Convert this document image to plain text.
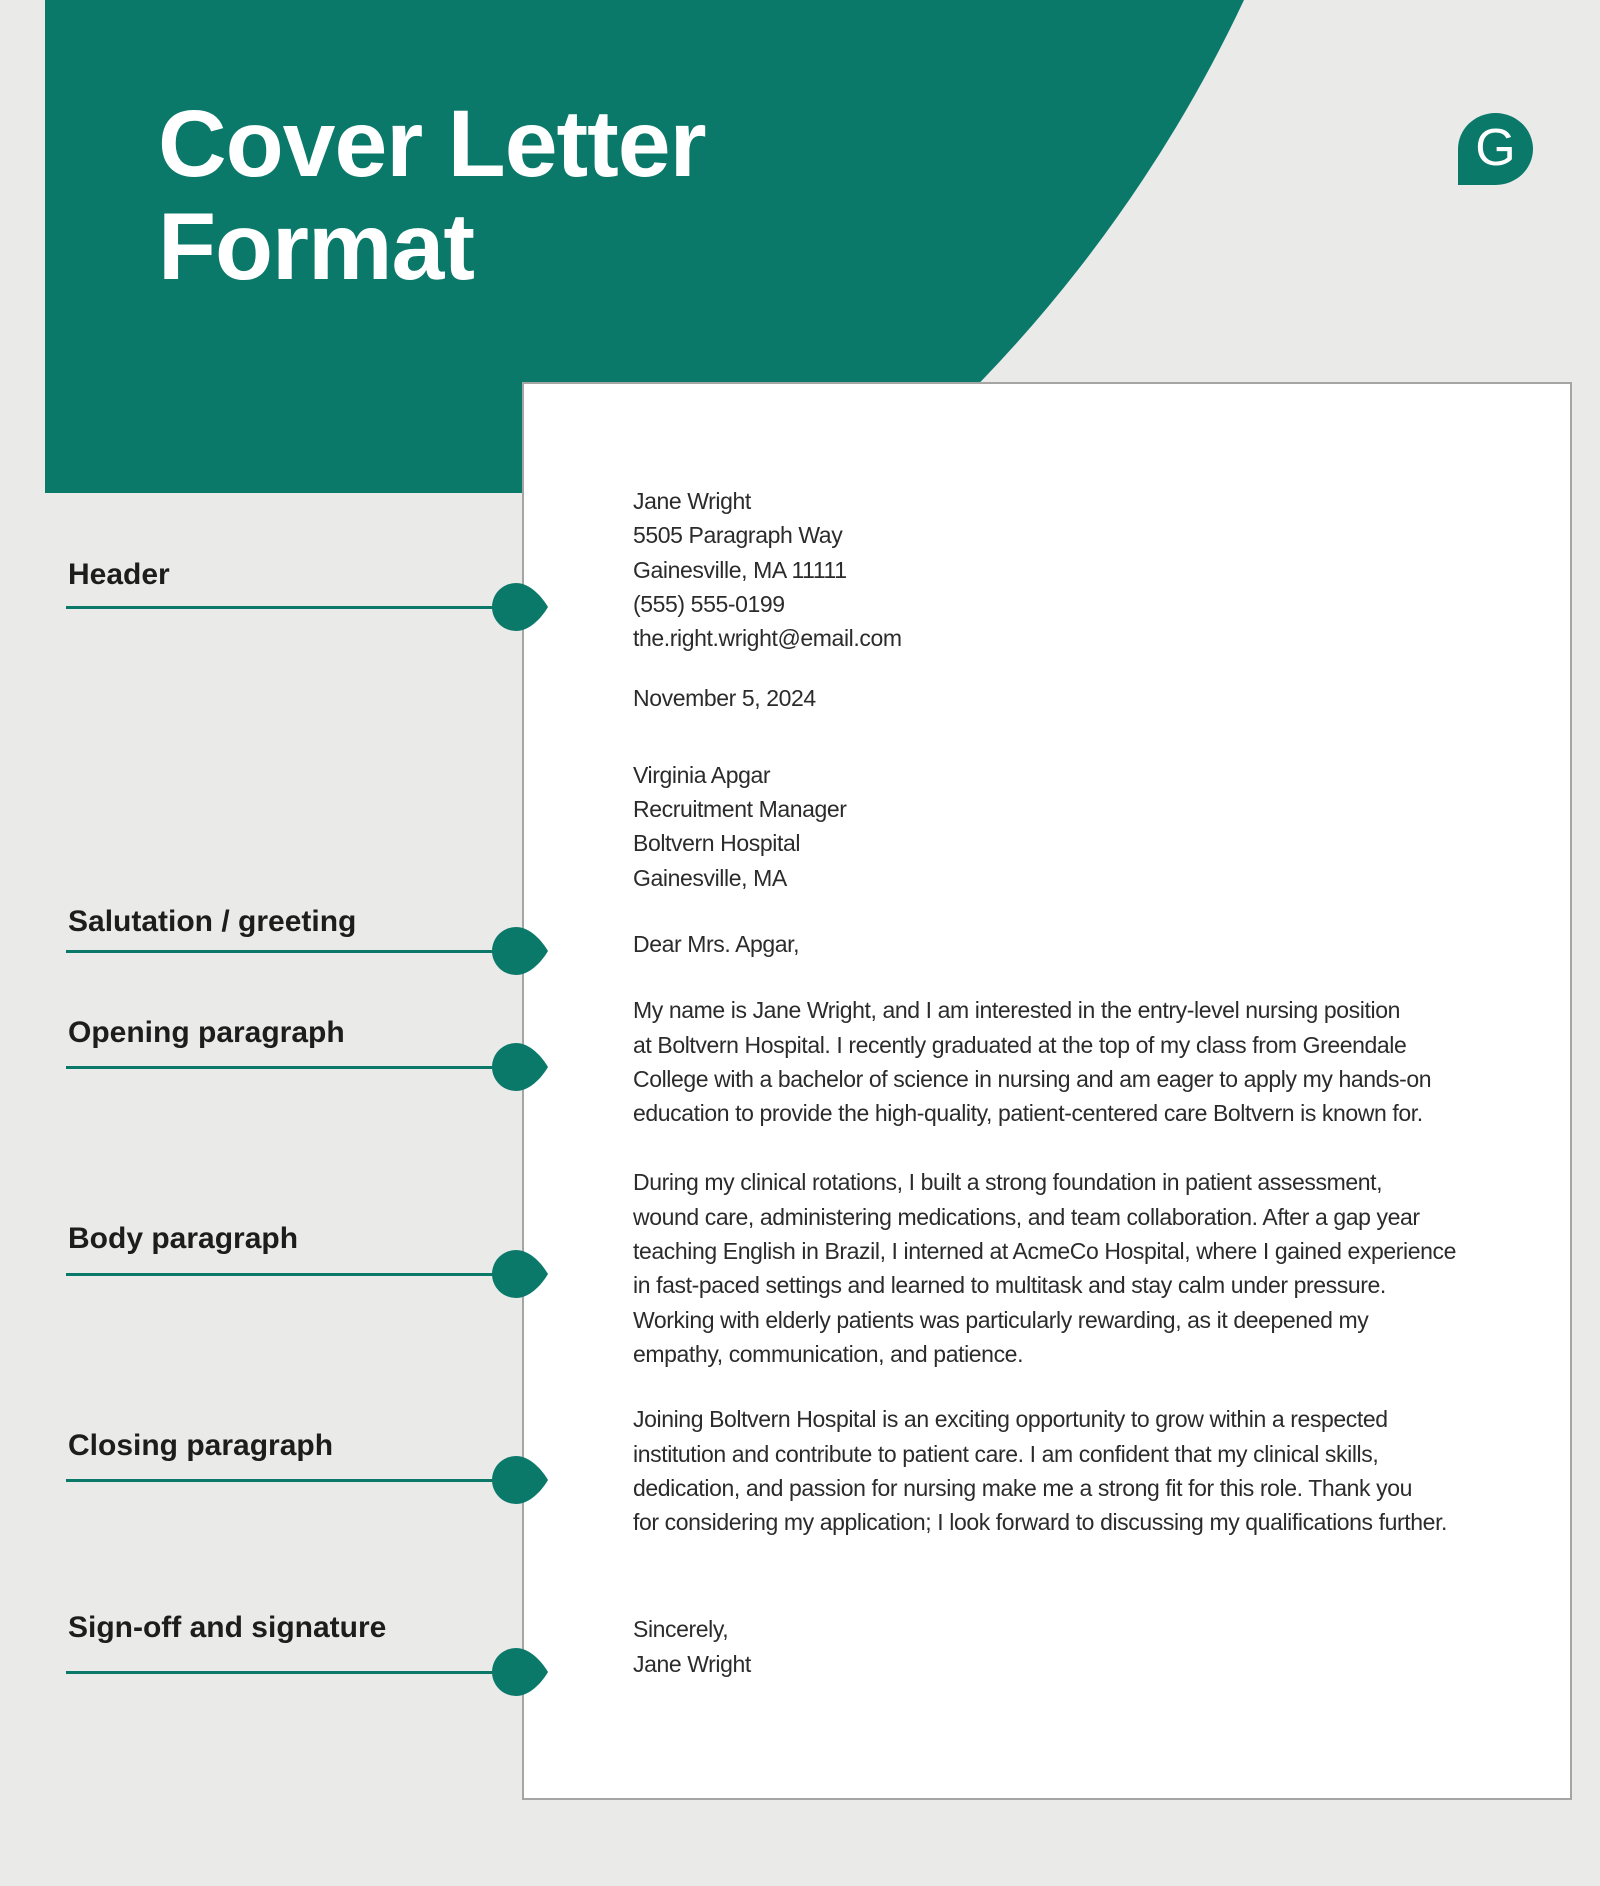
Cover Letter
Format
G
Jane Wright
5505 Paragraph Way
Gainesville, MA 11111
(555) 555-0199
the.right.wright@email.com
November 5, 2024
Virginia Apgar
Recruitment Manager
Boltvern Hospital
Gainesville, MA
Dear Mrs. Apgar,
My name is Jane Wright, and I am interested in the entry-level nursing position
at Boltvern Hospital. I recently graduated at the top of my class from Greendale
College with a bachelor of science in nursing and am eager to apply my hands-on
education to provide the high-quality, patient-centered care Boltvern is known for.
During my clinical rotations, I built a strong foundation in patient assessment,
wound care, administering medications, and team collaboration. After a gap year
teaching English in Brazil, I interned at AcmeCo Hospital, where I gained experience
in fast-paced settings and learned to multitask and stay calm under pressure.
Working with elderly patients was particularly rewarding, as it deepened my
empathy, communication, and patience.
Joining Boltvern Hospital is an exciting opportunity to grow within a respected
institution and contribute to patient care. I am confident that my clinical skills,
dedication, and passion for nursing make me a strong fit for this role. Thank you
for considering my application; I look forward to discussing my qualifications further.
Sincerely,
Jane Wright
Header
Salutation / greeting
Opening paragraph
Body paragraph
Closing paragraph
Sign-off and signature
